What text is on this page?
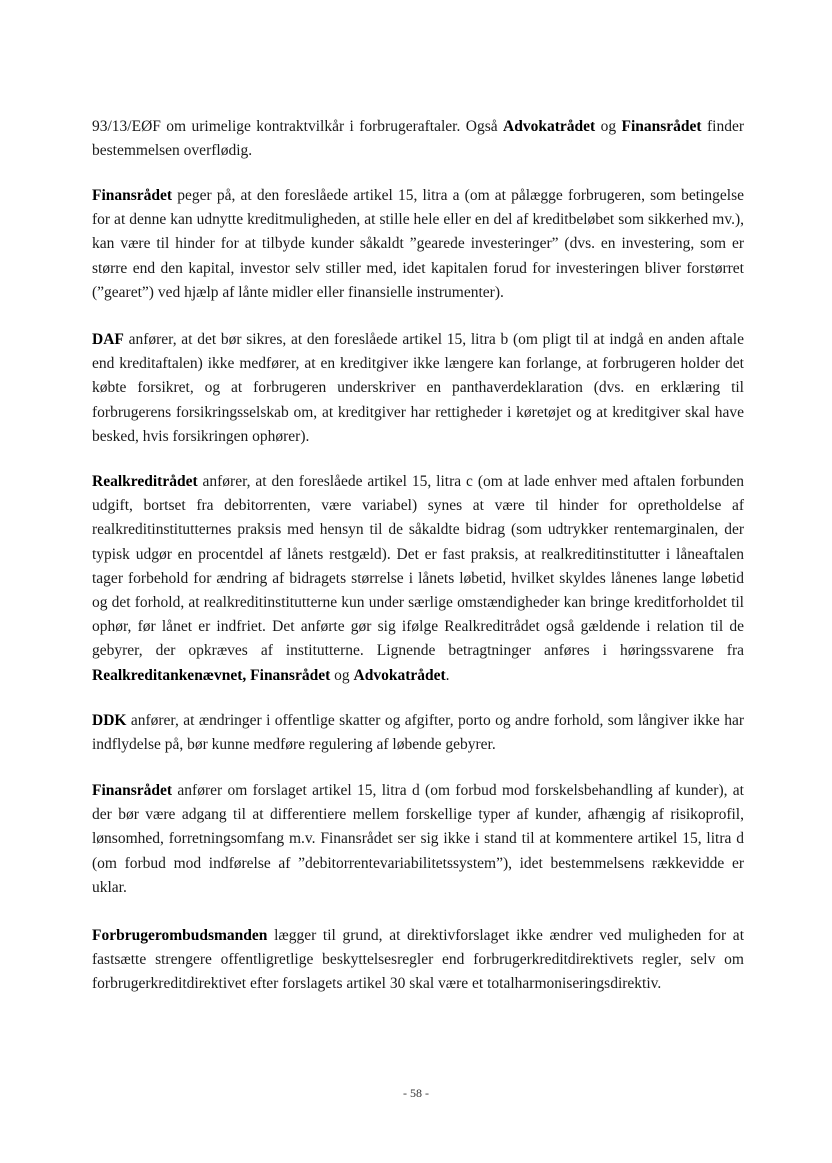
93/13/EØF om urimelige kontraktvilkår i forbrugeraftaler. Også Advokatrådet og Finansrådet finder bestemmelsen overflødig.

Finansrådet peger på, at den foreslåede artikel 15, litra a (om at pålægge forbrugeren, som betingelse for at denne kan udnytte kreditmuligheden, at stille hele eller en del af kreditbeløbet som sikkerhed mv.), kan være til hinder for at tilbyde kunder såkaldt ”gearede investeringer” (dvs. en investering, som er større end den kapital, investor selv stiller med, idet kapitalen forud for investeringen bliver forstørret (”gearet”) ved hjælp af lånte midler eller finansielle instrumenter).

DAF anfører, at det bør sikres, at den foreslåede artikel 15, litra b (om pligt til at indgå en anden aftale end kreditaftalen) ikke medfører, at en kreditgiver ikke længere kan forlange, at forbrugeren holder det købte forsikret, og at forbrugeren underskriver en panthaverdeklaration (dvs. en erklæring til forbrugerens forsikringsselskab om, at kreditgiver har rettigheder i køretøjet og at kreditgiver skal have besked, hvis forsikringen ophører).

Realkreditrådet anfører, at den foreslåede artikel 15, litra c (om at lade enhver med aftalen forbunden udgift, bortset fra debitorrenten, være variabel) synes at være til hinder for opretholdelse af realkreditinstitutternes praksis med hensyn til de såkaldte bidrag (som udtrykker rentemarginalen, der typisk udgør en procentdel af lånets restgæld). Det er fast praksis, at realkreditinstitutter i låneaftalen tager forbehold for ændring af bidragets størrelse i lånets løbetid, hvilket skyldes lånenes lange løbetid og det forhold, at realkreditinstitutterne kun under særlige omstændigheder kan bringe kreditforholdet til ophør, før lånet er indfriet. Det anførte gør sig ifølge Realkreditrådet også gældende i relation til de gebyrer, der opkræves af institutterne. Lignende betragtninger anføres i høringssvarene fra Realkreditankenævnet, Finansrådet og Advokatrådet.

DDK anfører, at ændringer i offentlige skatter og afgifter, porto og andre forhold, som långiver ikke har indflydelse på, bør kunne medføre regulering af løbende gebyrer.

Finansrådet anfører om forslaget artikel 15, litra d (om forbud mod forskelsbehandling af kunder), at der bør være adgang til at differentiere mellem forskellige typer af kunder, afhængig af risikoprofil, lønsomhed, forretningsomfang m.v. Finansrådet ser sig ikke i stand til at kommentere artikel 15, litra d (om forbud mod indførelse af ”debitorrentevariabilitetssystem”), idet bestemmelsens rækkevidde er uklar.

Forbrugerombudsmanden lægger til grund, at direktivforslaget ikke ændrer ved muligheden for at fastsætte strengere offentligretlige beskyttelsesregler end forbrugerkreditdirektivets regler, selv om forbrugerkreditdirektivet efter forslagets artikel 30 skal være et totalharmoniseringsdirektiv.

- 58 -
